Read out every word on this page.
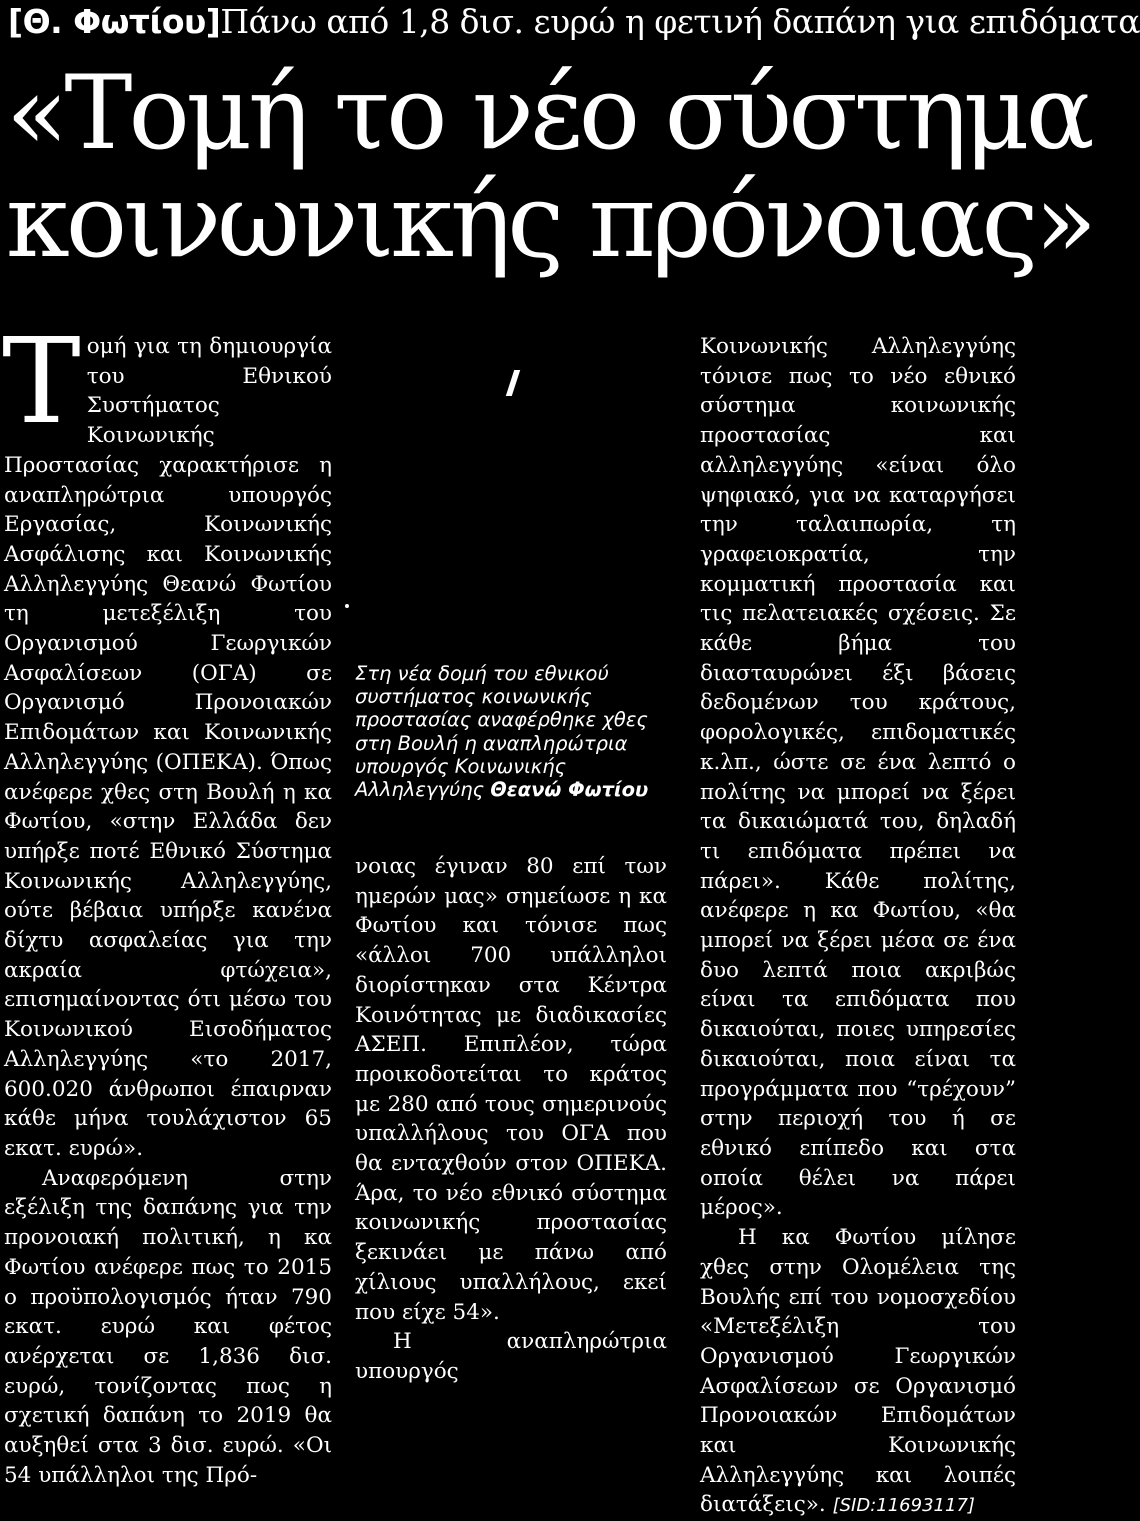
[Θ. Φωτίου]Πάνω από 1,8 δισ. ευρώ η φετινή δαπάνη για επιδόματα
«Τομή το νέο σύστημα
κοινωνικής πρόνοιας»

Τομή για τη δημιουργία του Εθνικού Συστήματος Κοινωνικής Προστασίας χαρακτήρισε η αναπληρώτρια υπουργός Εργασίας, Κοινωνικής Ασφάλισης και Κοινωνικής Αλληλεγγύης Θεανώ Φωτίου τη μετεξέλιξη του Οργανισμού Γεωργικών Ασφαλίσεων (ΟΓΑ) σε Οργανισμό Προνοιακών Επιδομάτων και Κοινωνικής Αλληλεγγύης (ΟΠΕΚΑ). Όπως ανέφερε χθες στη Βουλή η κα Φωτίου, «στην Ελλάδα δεν υπήρξε ποτέ Εθνικό Σύστημα Κοινωνικής Αλληλεγγύης, ούτε βέβαια υπήρξε κανένα δίχτυ ασφαλείας για την ακραία φτώχεια», επισημαίνοντας ότι μέσω του Κοινωνικού Εισοδήματος Αλληλεγγύης «το 2017, 600.020 άνθρωποι έπαιρναν κάθε μήνα τουλάχιστον 65 εκατ. ευρώ».

Αναφερόμενη στην εξέλιξη της δαπάνης για την προνοιακή πολιτική, η κα Φωτίου ανέφερε πως το 2015 ο προϋπολογισμός ήταν 790 εκατ. ευρώ και φέτος ανέρχεται σε 1,836 δισ. ευρώ, τονίζοντας πως η σχετική δαπάνη το 2019 θα αυξηθεί στα 3 δισ. ευρώ. «Οι 54 υπάλληλοι της Πρό-

Στη νέα δομή του εθνικού συστήματος κοινωνικής προστασίας αναφέρθηκε χθες στη Βουλή η αναπληρώτρια υπουργός Κοινωνικής Αλληλεγγύης Θεανώ Φωτίου

νοιας έγιναν 80 επί των ημερών μας» σημείωσε η κα Φωτίου και τόνισε πως «άλλοι 700 υπάλληλοι διορίστηκαν στα Κέντρα Κοινότητας με διαδικασίες ΑΣΕΠ. Επιπλέον, τώρα προικοδοτείται το κράτος με 280 από τους σημερινούς υπαλλήλους του ΟΓΑ που θα ενταχθούν στον ΟΠΕΚΑ. Άρα, το νέο εθνικό σύστημα κοινωνικής προστασίας ξεκινάει με πάνω από χίλιους υπαλλήλους, εκεί που είχε 54».

Η αναπληρώτρια υπουργός

Κοινωνικής Αλληλεγγύης τόνισε πως το νέο εθνικό σύστημα κοινωνικής προστασίας και αλληλεγγύης «είναι όλο ψηφιακό, για να καταργήσει την ταλαιπωρία, τη γραφειοκρατία, την κομματική προστασία και τις πελατειακές σχέσεις. Σε κάθε βήμα του διασταυρώνει έξι βάσεις δεδομένων του κράτους, φορολογικές, επιδοματικές κ.λπ., ώστε σε ένα λεπτό ο πολίτης να μπορεί να ξέρει τα δικαιώματά του, δηλαδή τι επιδόματα πρέπει να πάρει». Κάθε πολίτης, ανέφερε η κα Φωτίου, «θα μπορεί να ξέρει μέσα σε ένα δυο λεπτά ποια ακριβώς είναι τα επιδόματα που δικαιούται, ποιες υπηρεσίες δικαιούται, ποια είναι τα προγράμματα που “τρέχουν” στην περιοχή του ή σε εθνικό επίπεδο και στα οποία θέλει να πάρει μέρος».

Η κα Φωτίου μίλησε χθες στην Ολομέλεια της Βουλής επί του νομοσχεδίου «Μετεξέλιξη του Οργανισμού Γεωργικών Ασφαλίσεων σε Οργανισμό Προνοιακών Επιδομάτων και Κοινωνικής Αλληλεγγύης και λοιπές διατάξεις». [SID:11693117]
